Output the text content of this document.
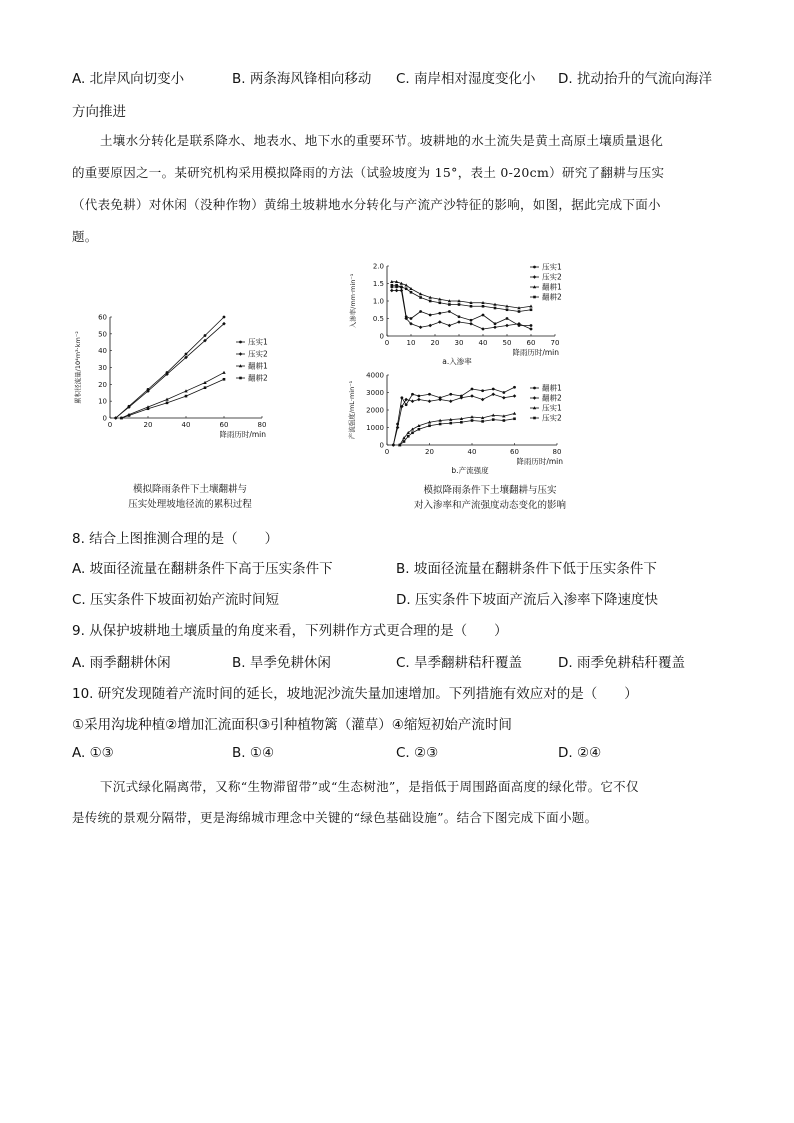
A. 北岸风向切变小	B. 两条海风锋相向移动 C. 南岸相对湿度变化小 D. 扰动抬升的气流向海洋
方向推进
土壤水分转化是联系降水、地表水、地下水的重要环节。坡耕地的水土流失是黄土高原土壤质量退化
的重要原因之一。某研究机构采用模拟降雨的方法（试验坡度为 15°，表土 0-20cm）研究了翻耕与压实
（代表免耕）对休闲（没种作物）黄绵土坡耕地水分转化与产流产沙特征的影响，如图，据此完成下面小
题。
0	20	40	60	80
0
10
20
30
40
50
60
降雨历时/min
累积径流量/10⁴m³·km⁻²	压实1
压实2
翻耕1
翻耕2
模拟降雨条件下土壤翻耕与
压实处理坡地径流的累积过程
0 10 20 30 40 50 60 70
0
0.5
1.0
1.5
2.0
降雨历时/min
入渗率/mm·min⁻¹
a.入渗率
压实1
压实2
翻耕1
翻耕2
0	20	40	60	80
0
1000
2000
3000
4000
降雨历时/min
产流强度/mL·min⁻¹
b.产流强度
翻耕1
翻耕2
压实1
压实2
模拟降雨条件下土壤翻耕与压实
对入渗率和产流强度动态变化的影响
8. 结合上图推测合理的是（　　）
A. 坡面径流量在翻耕条件下高于压实条件下	B. 坡面径流量在翻耕条件下低于压实条件下
C. 压实条件下坡面初始产流时间短	D. 压实条件下坡面产流后入渗率下降速度快
9. 从保护坡耕地土壤质量的角度来看，下列耕作方式更合理的是（　　）
A. 雨季翻耕休闲	B. 旱季免耕休闲	C. 旱季翻耕秸秆覆盖	D. 雨季免耕秸秆覆盖
10. 研究发现随着产流时间的延长，坡地泥沙流失量加速增加。下列措施有效应对的是（　　）
①采用沟垅种植②增加汇流面积③引种植物篱（灌草）④缩短初始产流时间
A. ①③	B. ①④	C. ②③	D. ②④
下沉式绿化隔离带，又称“生物滞留带”或“生态树池”，是指低于周围路面高度的绿化带。它不仅
是传统的景观分隔带，更是海绵城市理念中关键的“绿色基础设施”。结合下图完成下面小题。
